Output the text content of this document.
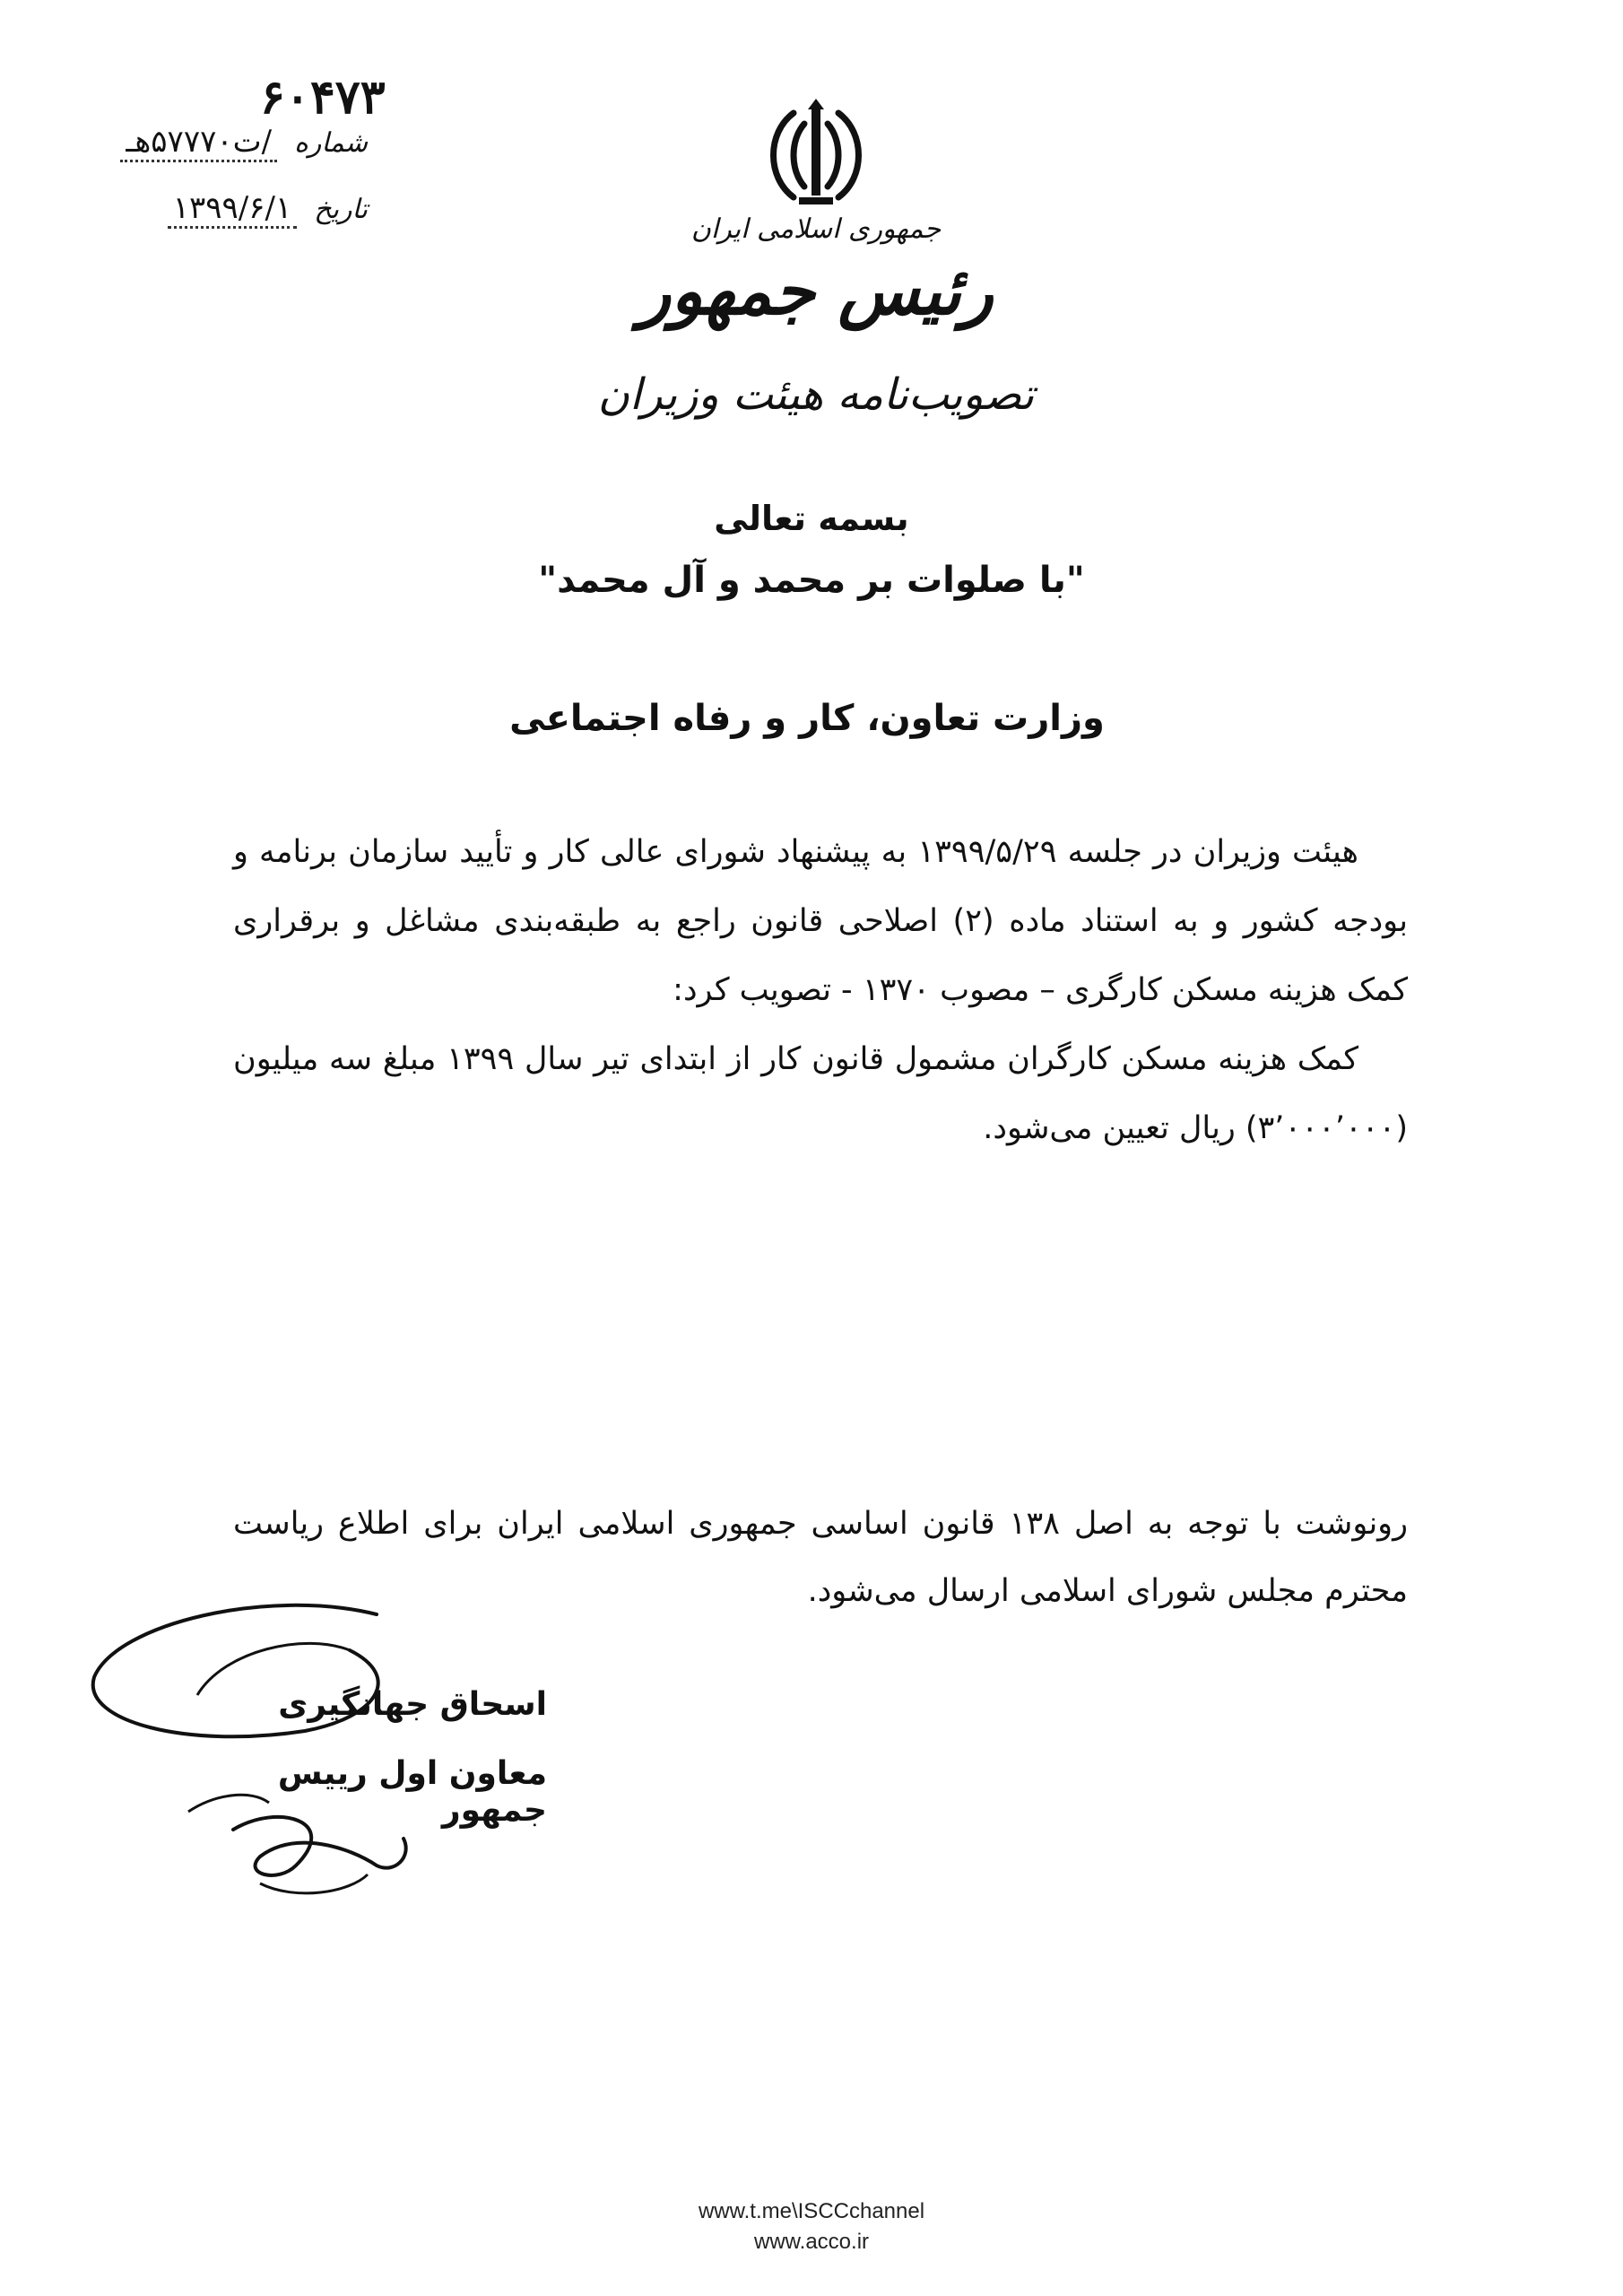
۶۰۴۷۳
شماره /ت۵۷۷۷۰هـ
تاریخ ۱۳۹۹/۶/۱
جمهوری اسلامی ایران
رئیس جمهور
تصویب‌نامه هیئت وزیران
بسمه تعالی
"با صلوات بر محمد و آل محمد"
وزارت تعاون، کار و رفاه اجتماعی

هیئت وزیران در جلسه ۱۳۹۹/۵/۲۹ به پیشنهاد شورای عالی کار و تأیید سازمان برنامه و بودجه کشور و به استناد ماده (۲) اصلاحی قانون راجع به طبقه‌بندی مشاغل و برقراری کمک هزینه مسکن کارگری – مصوب ۱۳۷۰ - تصویب کرد:

کمک هزینه مسکن کارگران مشمول قانون کار از ابتدای تیر سال ۱۳۹۹ مبلغ سه میلیون (۳٬۰۰۰٬۰۰۰) ریال تعیین می‌شود.

رونوشت با توجه به اصل ۱۳۸ قانون اساسی جمهوری اسلامی ایران برای اطلاع ریاست محترم مجلس شورای اسلامی ارسال می‌شود.

اسحاق جهانگیری
معاون اول رییس جمهور
www.t.me\ISCCchannel
www.acco.ir
